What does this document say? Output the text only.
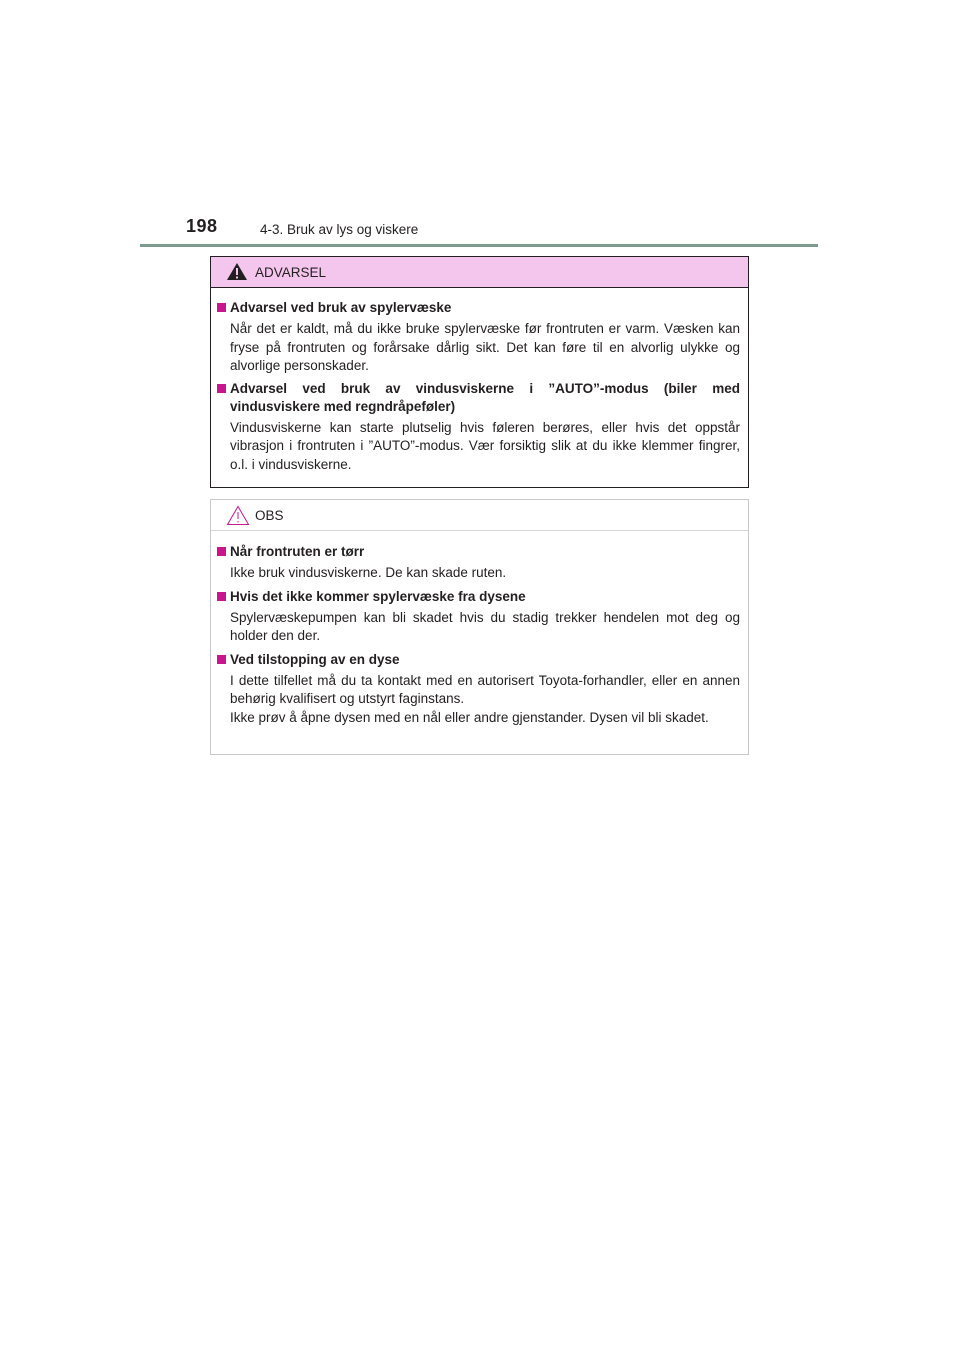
198	4-3. Bruk av lys og viskere
ADVARSEL
Advarsel ved bruk av spylervæske

Når det er kaldt, må du ikke bruke spylervæske før frontruten er varm. Væsken kan fryse på frontruten og forårsake dårlig sikt. Det kan føre til en alvorlig ulykke og alvorlige personskader.

Advarsel ved bruk av vindusviskerne i ”AUTO”-modus (biler med vindusviskere med regndråpeføler)

Vindusviskerne kan starte plutselig hvis føleren berøres, eller hvis det oppstår vibrasjon i frontruten i ”AUTO”-modus. Vær forsiktig slik at du ikke klemmer fingrer, o.l. i vindusviskerne.

OBS
Når frontruten er tørr

Ikke bruk vindusviskerne. De kan skade ruten.

Hvis det ikke kommer spylervæske fra dysene

Spylervæskepumpen kan bli skadet hvis du stadig trekker hendelen mot deg og holder den der.

Ved tilstopping av en dyse

I dette tilfellet må du ta kontakt med en autorisert Toyota-forhandler, eller en annen behørig kvalifisert og utstyrt faginstans.

Ikke prøv å åpne dysen med en nål eller andre gjenstander. Dysen vil bli skadet.
